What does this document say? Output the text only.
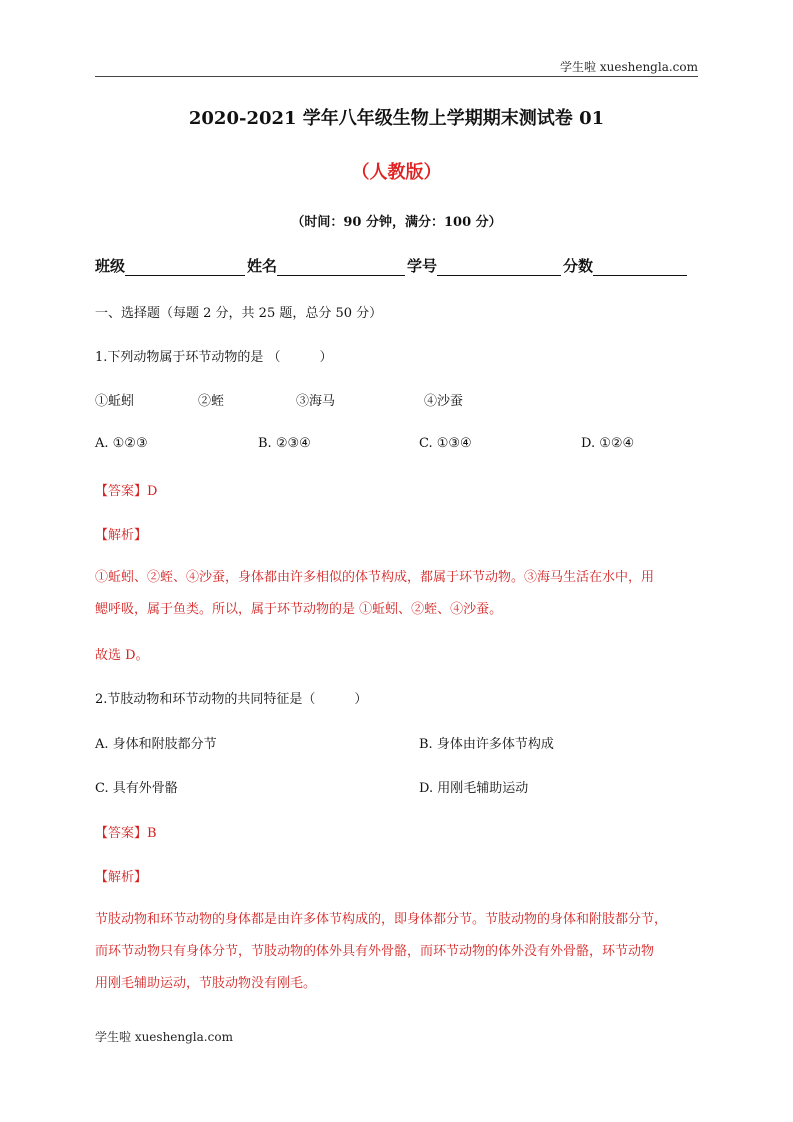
学生啦 xueshengla.com
2020-2021 学年八年级生物上学期期末测试卷 01
（人教版）
（时间：90 分钟，满分：100 分）
班级	姓名	学号	分数
一、选择题（每题 2 分，共 25 题，总分 50 分）
1.下列动物属于环节动物的是 （　　　）
①蚯蚓	②蛭	③海马	④沙蚕
A. ①②③	B. ②③④	C. ①③④	D. ①②④
【答案】D
【解析】
①蚯蚓、②蛭、④沙蚕，身体都由许多相似的体节构成，都属于环节动物。③海马生活在水中，用
鳃呼吸，属于鱼类。所以，属于环节动物的是 ①蚯蚓、②蛭、④沙蚕。
故选 D。
2.节肢动物和环节动物的共同特征是（　　　）
A. 身体和附肢都分节	B. 身体由许多体节构成
C. 具有外骨骼	D. 用刚毛辅助运动
【答案】B
【解析】
节肢动物和环节动物的身体都是由许多体节构成的，即身体都分节。节肢动物的身体和附肢都分节，
而环节动物只有身体分节，节肢动物的体外具有外骨骼，而环节动物的体外没有外骨骼，环节动物
用刚毛辅助运动，节肢动物没有刚毛。
学生啦 xueshengla.com
